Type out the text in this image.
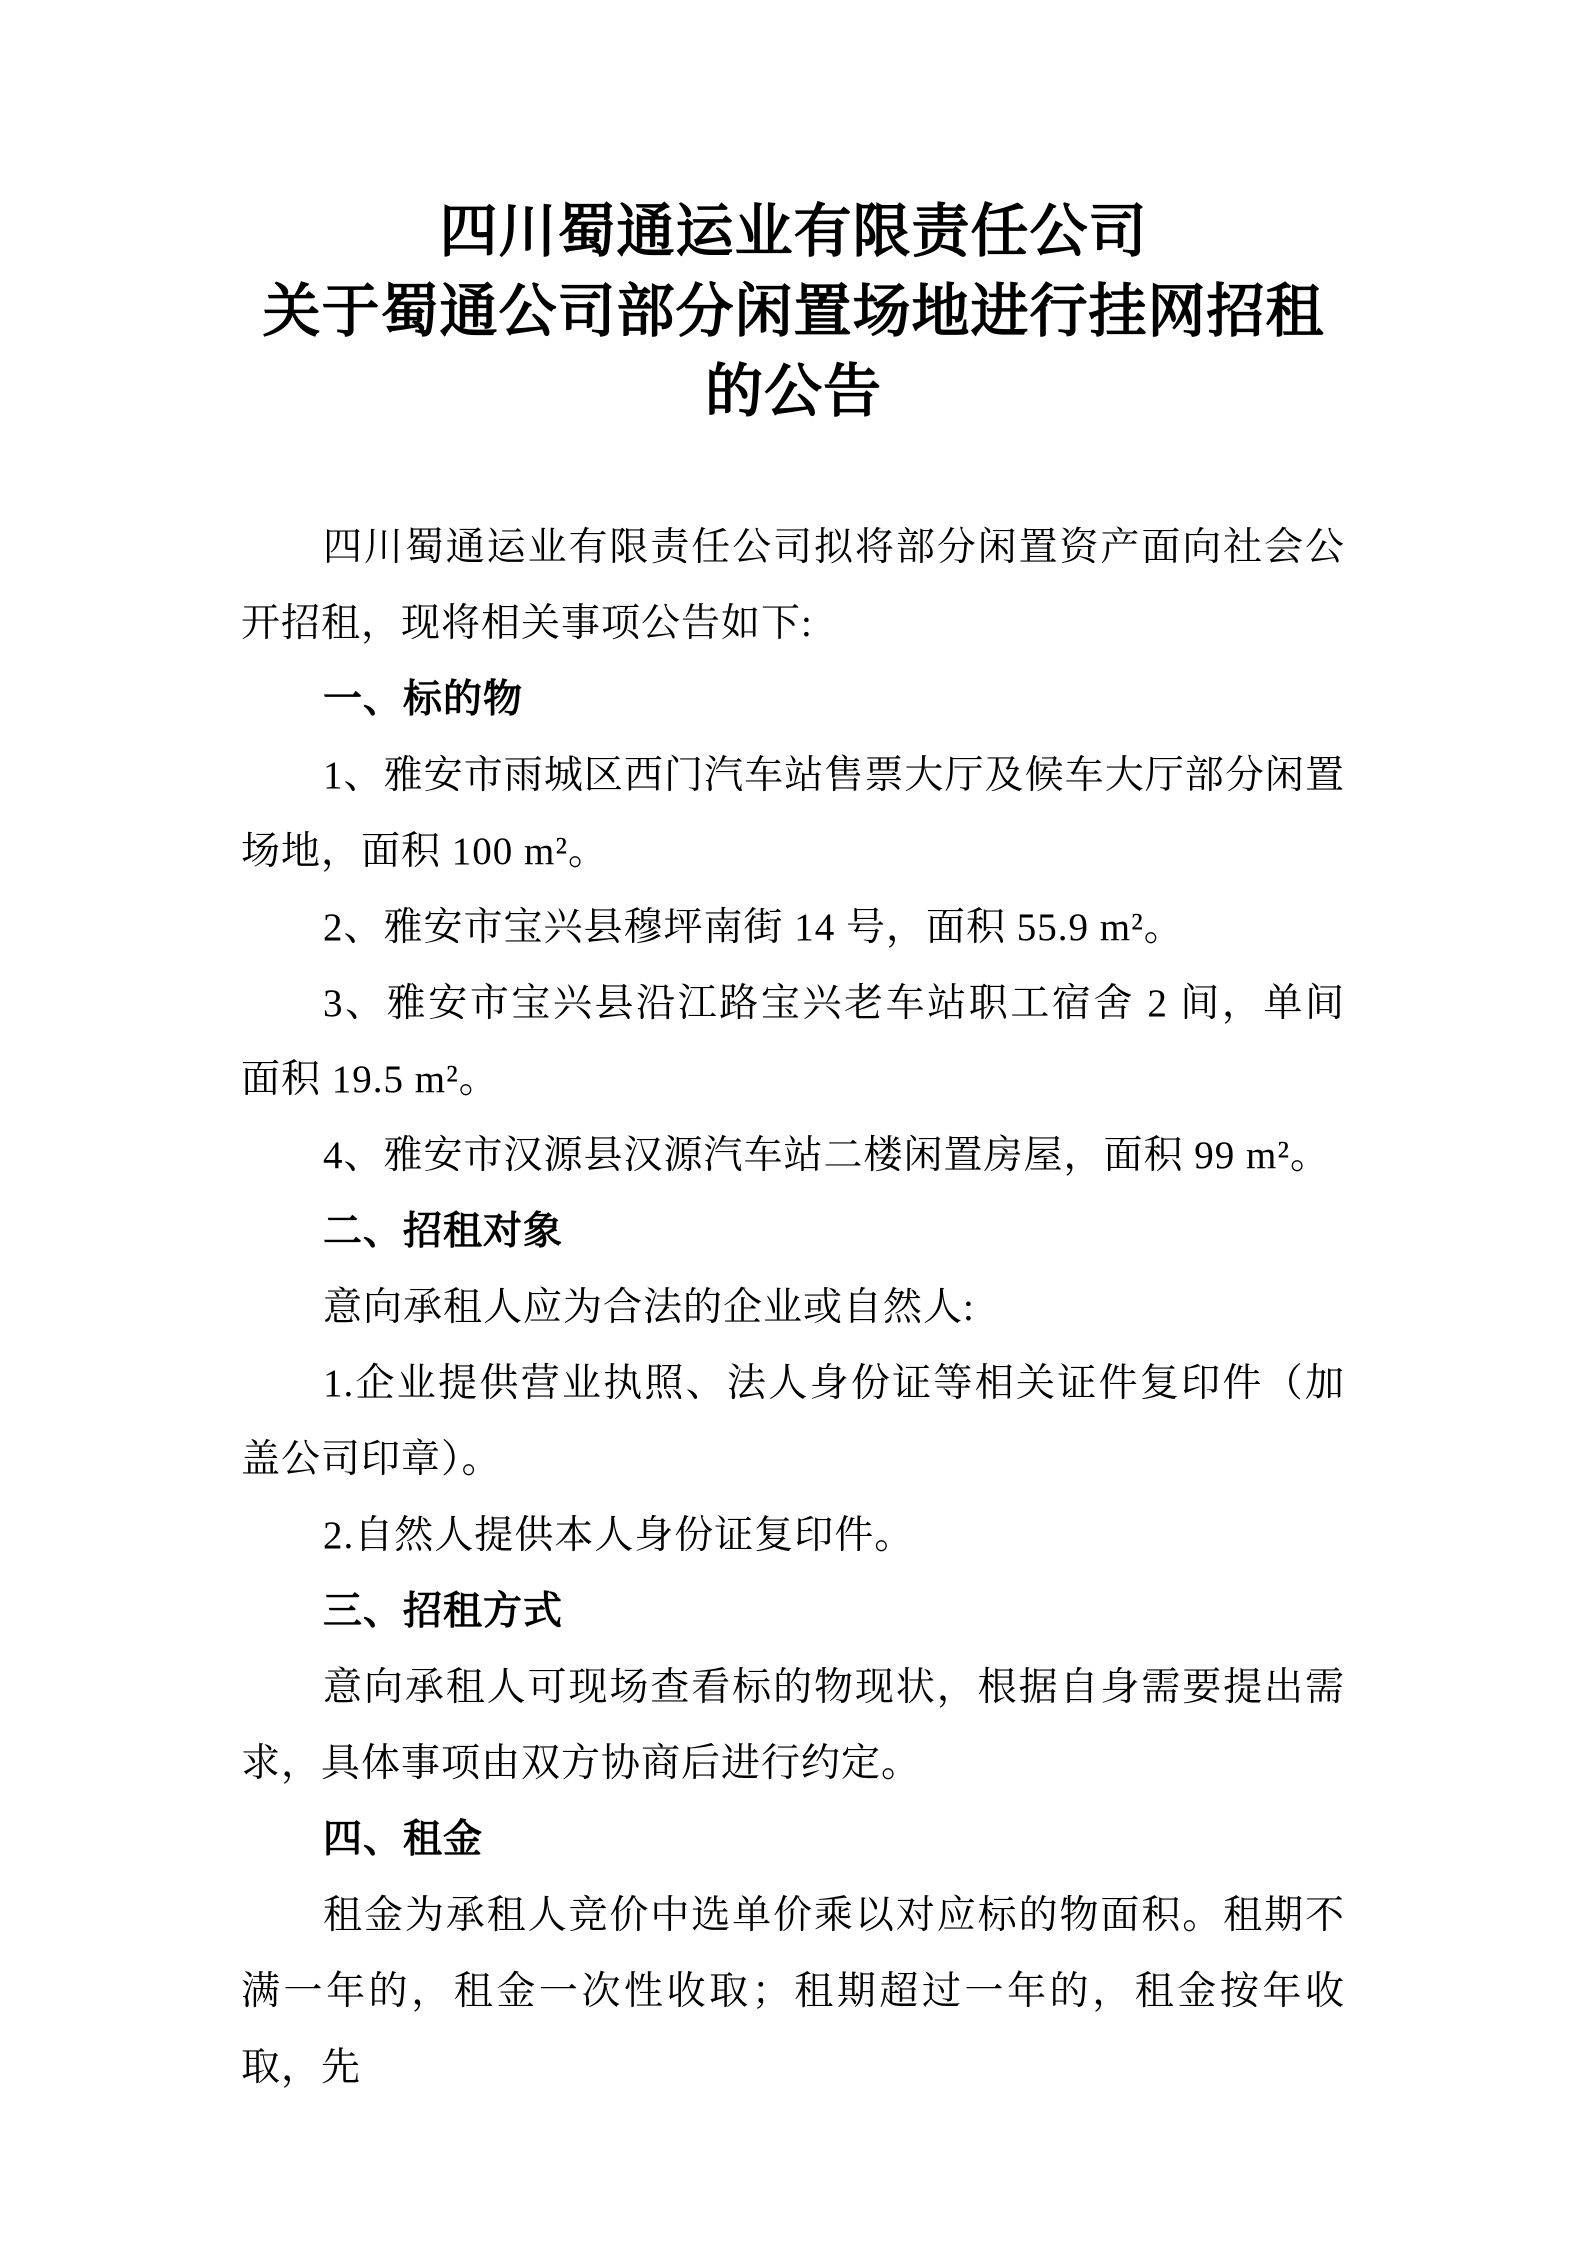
四川蜀通运业有限责任公司
关于蜀通公司部分闲置场地进行挂网招租
的公告

四川蜀通运业有限责任公司拟将部分闲置资产面向社会公开招租，现将相关事项公告如下:

一、标的物

1、雅安市雨城区西门汽车站售票大厅及候车大厅部分闲置场地，面积 100 m²。

2、雅安市宝兴县穆坪南街 14 号，面积 55.9 m²。

3、雅安市宝兴县沿江路宝兴老车站职工宿舍 2 间，单间面积 19.5 m²。

4、雅安市汉源县汉源汽车站二楼闲置房屋，面积 99 m²。

二、招租对象

意向承租人应为合法的企业或自然人:

1.企业提供营业执照、法人身份证等相关证件复印件（加盖公司印章）。

2.自然人提供本人身份证复印件。

三、招租方式

意向承租人可现场查看标的物现状，根据自身需要提出需求，具体事项由双方协商后进行约定。

四、租金

租金为承租人竞价中选单价乘以对应标的物面积。租期不满一年的，租金一次性收取；租期超过一年的，租金按年收取，先
